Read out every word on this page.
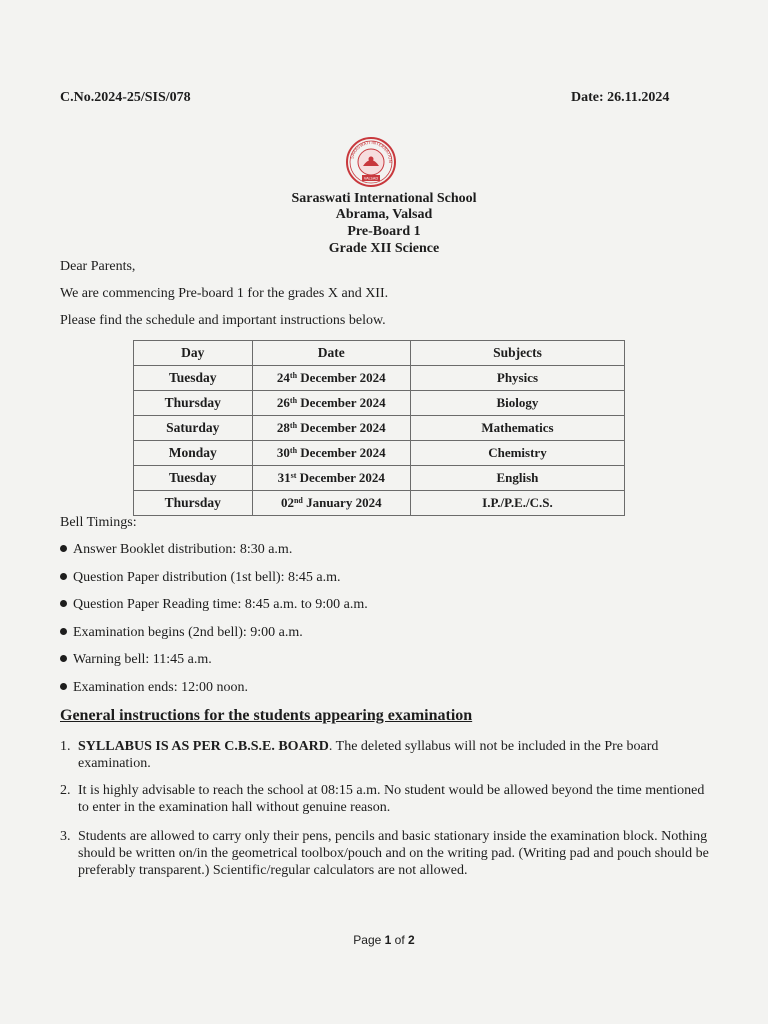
C.No.2024-25/SIS/078	Date: 26.11.2024
SARASWATI INTERNATION
VALSAD
Saraswati International School
Abrama, Valsad
Pre-Board 1
Grade XII Science
Dear Parents,
We are commencing Pre-board 1 for the grades X and XII.
Please find the schedule and important instructions below.
Day	Date	Subjects
Tuesday	24th December 2024	Physics
Thursday	26th December 2024	Biology
Saturday	28th December 2024	Mathematics
Monday	30th December 2024	Chemistry
Tuesday	31st December 2024	English
Thursday	02nd January 2024	I.P./P.E./C.S.
Bell Timings:
Answer Booklet distribution: 8:30 a.m.
Question Paper distribution (1st bell): 8:45 a.m.
Question Paper Reading time: 8:45 a.m. to 9:00 a.m.
Examination begins (2nd bell): 9:00 a.m.
Warning bell: 11:45 a.m.
Examination ends: 12:00 noon.
General instructions for the students appearing examination
1. SYLLABUS IS AS PER C.B.S.E. BOARD. The deleted syllabus will not be included in the Pre board examination.
2. It is highly advisable to reach the school at 08:15 a.m. No student would be allowed beyond the time mentioned to enter in the examination hall without genuine reason.
3. Students are allowed to carry only their pens, pencils and basic stationary inside the examination block. Nothing should be written on/in the geometrical toolbox/pouch and on the writing pad. (Writing pad and pouch should be preferably transparent.) Scientific/regular calculators are not allowed.
Page 1 of 2
